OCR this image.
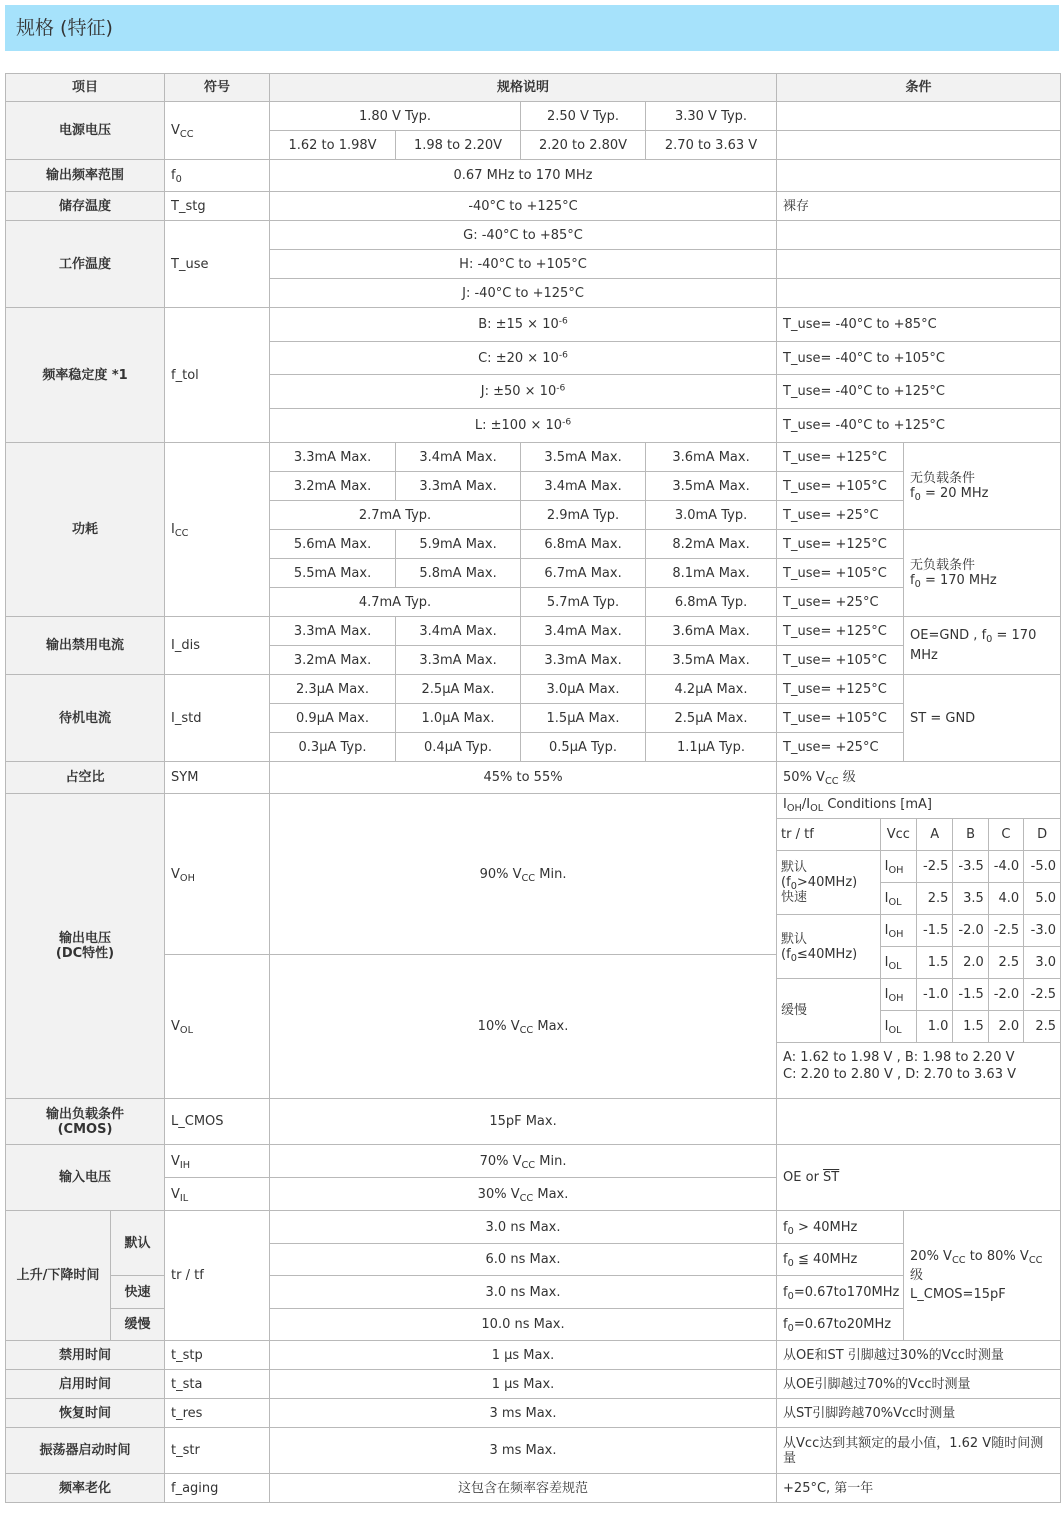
规格 (特征)
项目	符号	规格说明	条件
电源电压	$V_{CC}$	1.80 V Typ.	2.50 V Typ.	3.30 V Typ.	
1.62 to 1.98V	1.98 to 2.20V	2.20 to 2.80V	2.70 to 3.63 V	
输出频率范围	$f_0$	0.67 MHz to 170 MHz	
储存温度	T_stg	-40°C to +125°C	裸存
工作温度	T_use	G: -40°C to +85°C	
H: -40°C to +105°C	
J: -40°C to +125°C	
频率稳定度 *1	f_tol	B: $\pm 15 \times 10^{-6}$	T_use= -40°C to +85°C
C: $\pm 20 \times 10^{-6}$	T_use= -40°C to +105°C
J: $\pm 50 \times 10^{-6}$	T_use= -40°C to +125°C
L: $\pm 100 \times 10^{-6}$	T_use= -40°C to +125°C
功耗	$I_{CC}$	3.3mA Max.	3.4mA Max.	3.5mA Max.	3.6mA Max.	T_use= +125°C	无负载条件
$f_0 = 20$ MHz
3.2mA Max.	3.3mA Max.	3.4mA Max.	3.5mA Max.	T_use= +105°C
2.7mA Typ.	2.9mA Typ.	3.0mA Typ.	T_use= +25°C
5.6mA Max.	5.9mA Max.	6.8mA Max.	8.2mA Max.	T_use= +125°C	无负载条件
$f_0 = 170$ MHz
5.5mA Max.	5.8mA Max.	6.7mA Max.	8.1mA Max.	T_use= +105°C
4.7mA Typ.	5.7mA Typ.	6.8mA Typ.	T_use= +25°C
输出禁用电流	I_dis	3.3mA Max.	3.4mA Max.	3.4mA Max.	3.6mA Max.	T_use= +125°C	OE=GND , $f_0 = 170$ MHz
3.2mA Max.	3.3mA Max.	3.3mA Max.	3.5mA Max.	T_use= +105°C
待机电流	I_std	2.3μA Max.	2.5μA Max.	3.0μA Max.	4.2μA Max.	T_use= +125°C	ST = GND
0.9μA Max.	1.0μA Max.	1.5μA Max.	2.5μA Max.	T_use= +105°C
0.3μA Typ.	0.4μA Typ.	0.5μA Typ.	1.1μA Typ.	T_use= +25°C
占空比	SYM	45% to 55%	50% $V_{CC}$ 级
输出电压
(DC特性)	$V_{OH}$	90% $V_{CC}$ Min.	
$I_{OH}/I_{OL}$ Conditions [mA]
tr / tf	Vcc	A	B	C	D
默认
$(f_0>40MHz)$
快速	$I_{OH}$	-2.5	-3.5	-4.0	-5.0
$I_{OL}$	2.5	3.5	4.0	5.0
默认
$(f_0\le 40MHz)$	$I_{OH}$	-1.5	-2.0	-2.5	-3.0
$I_{OL}$	1.5	2.0	2.5	3.0
缓慢	$I_{OH}$	-1.0	-1.5	-2.0	-2.5
$I_{OL}$	1.0	1.5	2.0	2.5
A: 1.62 to 1.98 V , B: 1.98 to 2.20 V
C: 2.20 to 2.80 V , D: 2.70 to 3.63 V

$V_{OL}$	10% $V_{CC}$ Max.
输出负载条件
(CMOS)	L_CMOS	15pF Max.	
输入电压	$V_{IH}$	70% $V_{CC}$ Min.	OE or $\overline{ST}$
$V_{IL}$	30% $V_{CC}$ Max.
上升/下降时间	默认	tr / tf	3.0 ns Max.	$f_0 > 40MHz$	20% $V_{CC}$ to 80% $V_{CC}$级
L_CMOS=15pF
6.0 ns Max.	$f_0$ ≦ 40MHz
快速	3.0 ns Max.	$f_0=0.67to170MHz$
缓慢	10.0 ns Max.	$f_0=0.67to20MHz$
禁用时间	t_stp	1 μs Max.	从OE和ST 引脚越过30%的Vcc时测量
启用时间	t_sta	1 μs Max.	从OE引脚越过70%的Vcc时测量
恢复时间	t_res	3 ms Max.	从ST引脚跨越70%Vcc时测量
振荡器启动时间	t_str	3 ms Max.	从Vcc达到其额定的最小值，1.62 V随时间测量
频率老化	f_aging	这包含在频率容差规范	+25°C, 第一年
